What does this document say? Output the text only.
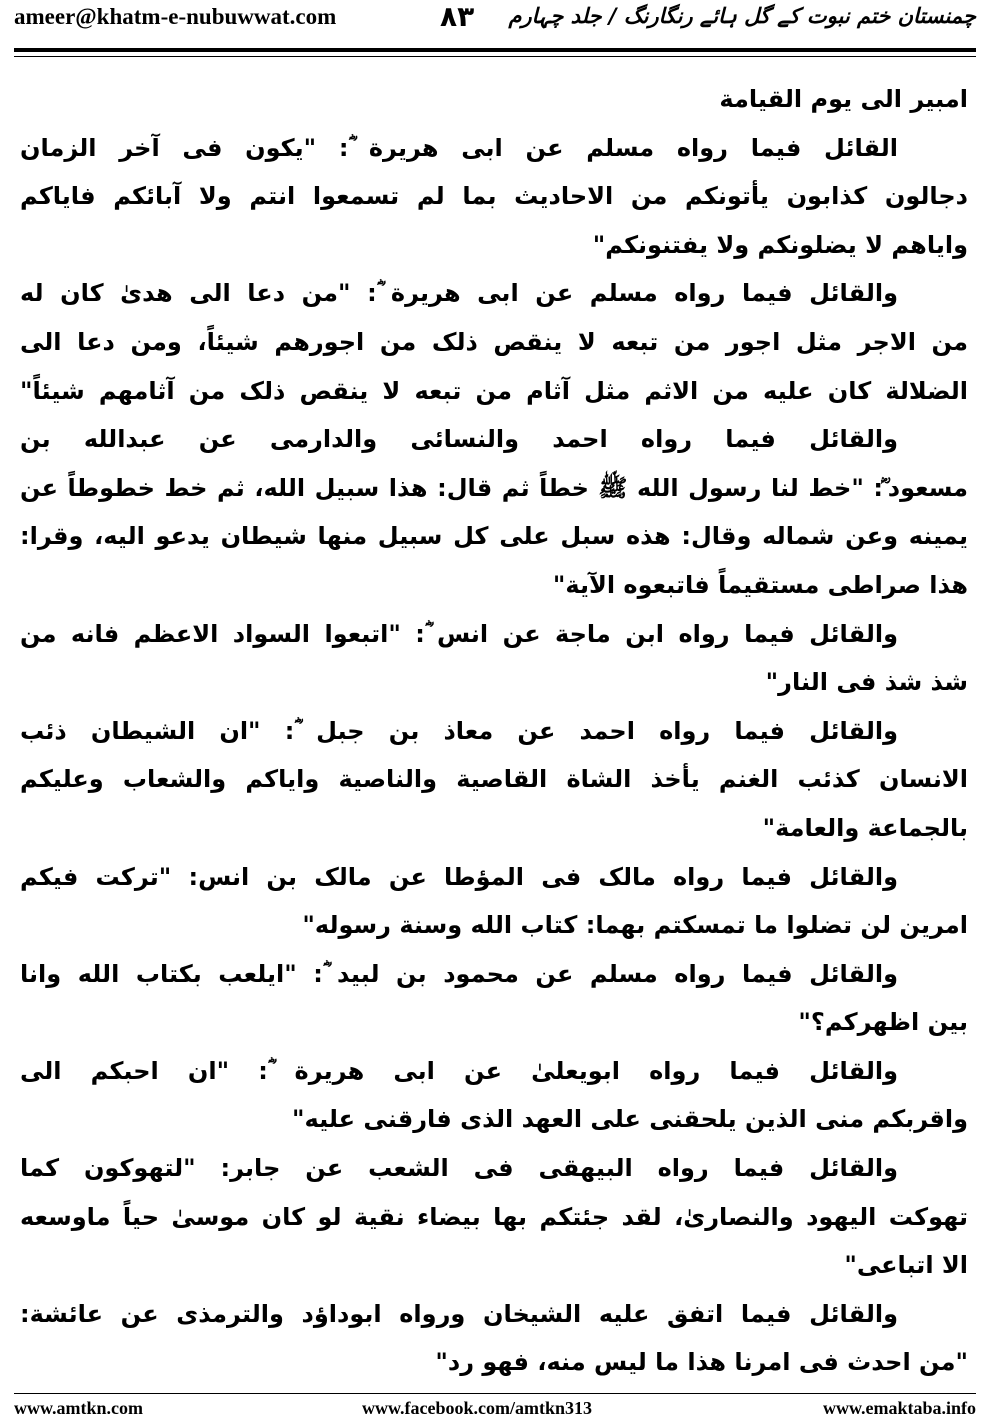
ameer@khatm-e-nubuwwat.com	۸۳ چمنستان ختم نبوت کے گل ہائے رنگارنگ / جلد چہارم
امبیر الی یوم القیامة
القائل فیما رواه مسلم عن ابی هریرة ؓ: "یکون فی آخر الزمان
دجالون کذابون یأتونکم من الاحادیث بما لم تسمعوا انتم ولا آبائکم فایاکم
وایاهم لا یضلونکم ولا یفتنونکم"
والقائل فیما رواه مسلم عن ابی هریرة ؓ: "من دعا الی هدیٰ کان له
من الاجر مثل اجور من تبعه لا ینقص ذلک من اجورهم شیئاً، ومن دعا الی
الضلالة کان علیه من الاثم مثل آثام من تبعه لا ینقص ذلک من آثامهم شیئاً"
والقائل فیما رواه احمد والنسائی والدارمی عن عبدالله بن
مسعود ؓ: "خط لنا رسول الله ﷺ خطاً ثم قال: هذا سبیل الله، ثم خط خطوطاً عن
یمینه وعن شماله وقال: هذه سبل علی کل سبیل منها شیطان یدعو الیه، وقرا:
هذا صراطی مستقیماً فاتبعوه الآیة"
والقائل فیما رواه ابن ماجة عن انس ؓ: "اتبعوا السواد الاعظم فانه من
شذ شذ فی النار"
والقائل فیما رواه احمد عن معاذ بن جبل ؓ: "ان الشیطان ذئب
الانسان کذئب الغنم یأخذ الشاة القاصیة والناصیة وایاکم والشعاب وعلیکم
بالجماعة والعامة"
والقائل فیما رواه مالک فی المؤطا عن مالک بن انس: "ترکت فیکم
امرین لن تضلوا ما تمسکتم بهما: کتاب الله وسنة رسوله"
والقائل فیما رواه مسلم عن محمود بن لبید ؓ: "ایلعب بکتاب الله وانا
بین اظهرکم؟"
والقائل فیما رواه ابویعلیٰ عن ابی هریرة ؓ: "ان احبکم الی
واقربکم منی الذین یلحقنی علی العهد الذی فارقنی علیه"
والقائل فیما رواه البیهقی فی الشعب عن جابر: "لتهوکون کما
تهوکت الیهود والنصاریٰ، لقد جئتکم بها بیضاء نقیة لو کان موسیٰ حیاً ماوسعه
الا اتباعی"
والقائل فیما اتفق علیه الشیخان ورواه ابوداؤد والترمذی عن عائشة:
"من احدث فی امرنا هذا ما لیس منه، فهو رد"
www.amtkn.com	www.facebook.com/amtkn313	www.emaktaba.info
